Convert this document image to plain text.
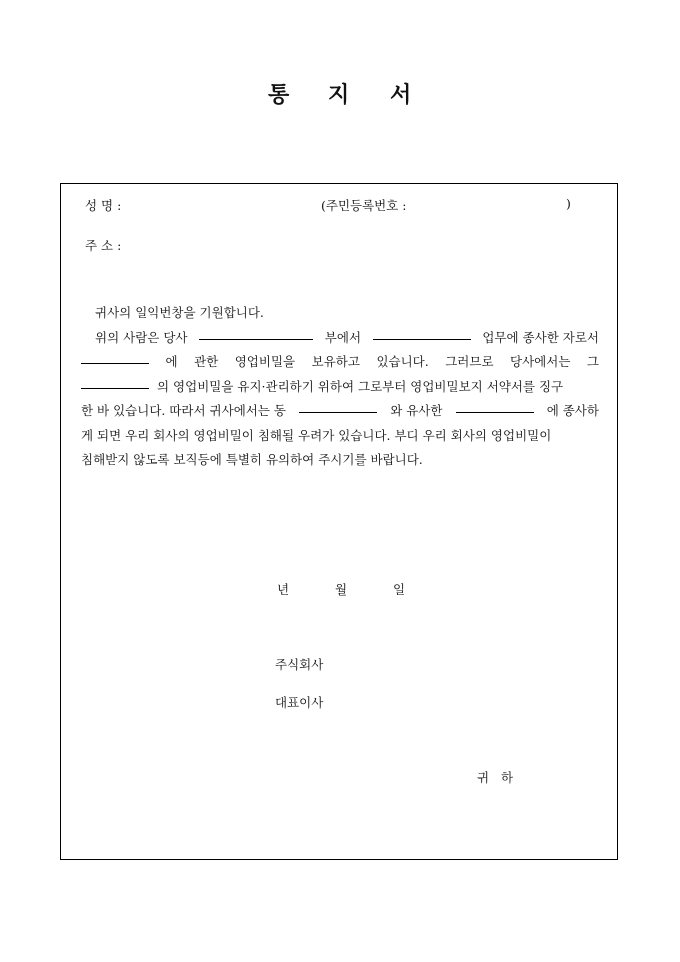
통 지 서
성 명 :	(주민등록번호 :	)
주 소 :
귀사의 일익번창을 기원합니다.
위의 사람은 당사	부에서	업무에 종사한 자로서
에 관한 영업비밀을 보유하고 있습니다. 그러므로 당사에서는 그
의 영업비밀을 유지·관리하기 위하여 그로부터 영업비밀보지 서약서를 징구
한 바 있습니다. 따라서 귀사에서는 동	와 유사한	에 종사하
게 되면 우리 회사의 영업비밀이 침해될 우려가 있습니다. 부디 우리 회사의 영업비밀이
침해받지 않도록 보직등에 특별히 유의하여 주시기를 바랍니다.
년	월	일
주식회사
대표이사
귀   하
